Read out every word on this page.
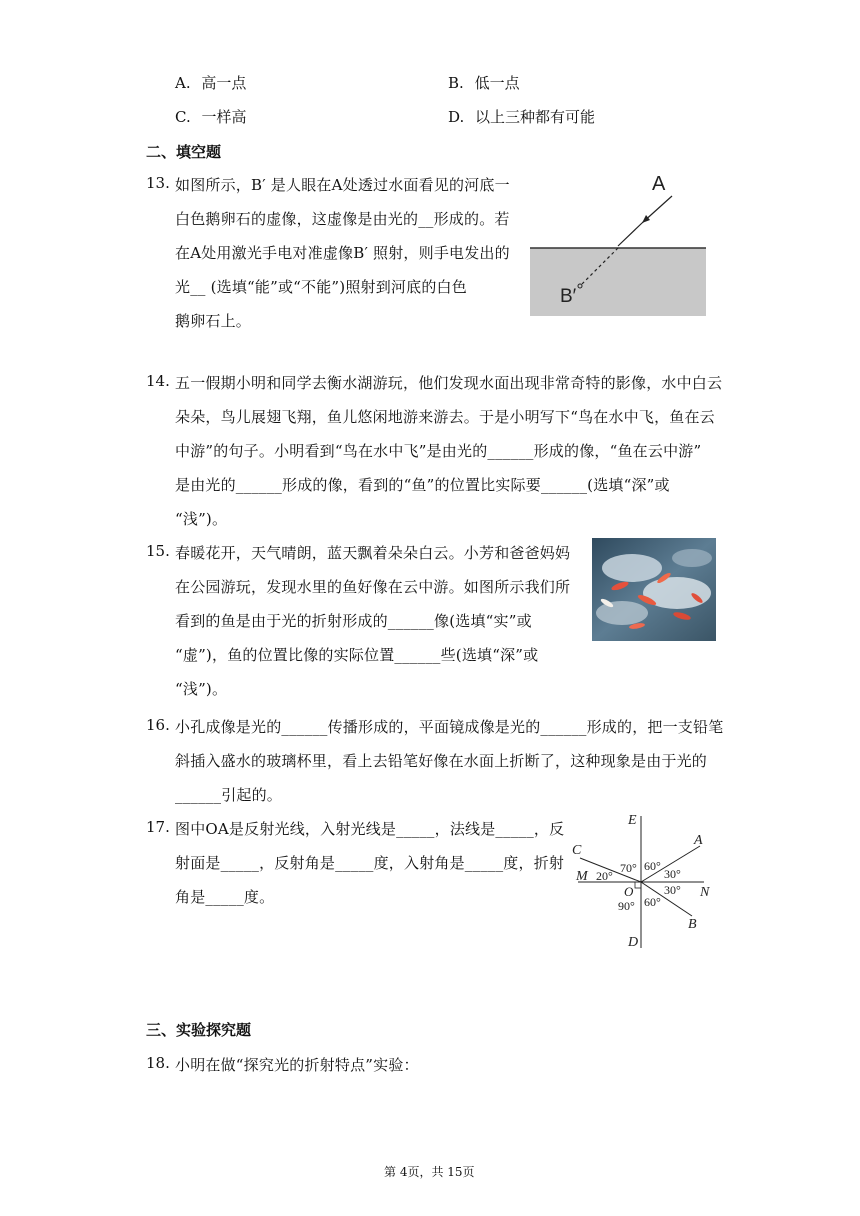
A. 高一点	B. 低一点
C. 一样高	D. 以上三种都有可能
二、填空题
13. 如图所示，B′ 是人眼在A处透过水面看见的河底一
白色鹅卵石的虚像，这虚像是由光的__形成的。若
在A处用激光手电对准虚像B′ 照射，则手电发出的
光__ (选填“能”或“不能”)照射到河底的白色
鹅卵石上。
A
B′
14. 五一假期小明和同学去衡水湖游玩，他们发现水面出现非常奇特的影像，水中白云
朵朵，鸟儿展翅飞翔，鱼儿悠闲地游来游去。于是小明写下“鸟在水中飞，鱼在云
中游”的句子。小明看到“鸟在水中飞”是由光的______形成的像，“鱼在云中游”
是由光的______形成的像，看到的“鱼”的位置比实际要______(选填“深”或
“浅”)。
15. 春暖花开，天气晴朗，蓝天飘着朵朵白云。小芳和爸爸妈妈
在公园游玩，发现水里的鱼好像在云中游。如图所示我们所
看到的鱼是由于光的折射形成的______像(选填“实”或
“虚”)，鱼的位置比像的实际位置______些(选填“深”或
“浅”)。
16. 小孔成像是光的______传播形成的，平面镜成像是光的______形成的，把一支铅笔
斜插入盛水的玻璃杯里，看上去铅笔好像在水面上折断了，这种现象是由于光的
______引起的。
17. 图中OA是反射光线，入射光线是_____，法线是_____，反
射面是_____，反射角是_____度，入射角是_____度，折射
角是_____度。
E
A
C
M
O	N
B
D
70° 60°
30°
20°
30°
90° 60°
三、实验探究题
18. 小明在做“探究光的折射特点”实验：
第 4页，共 15页
